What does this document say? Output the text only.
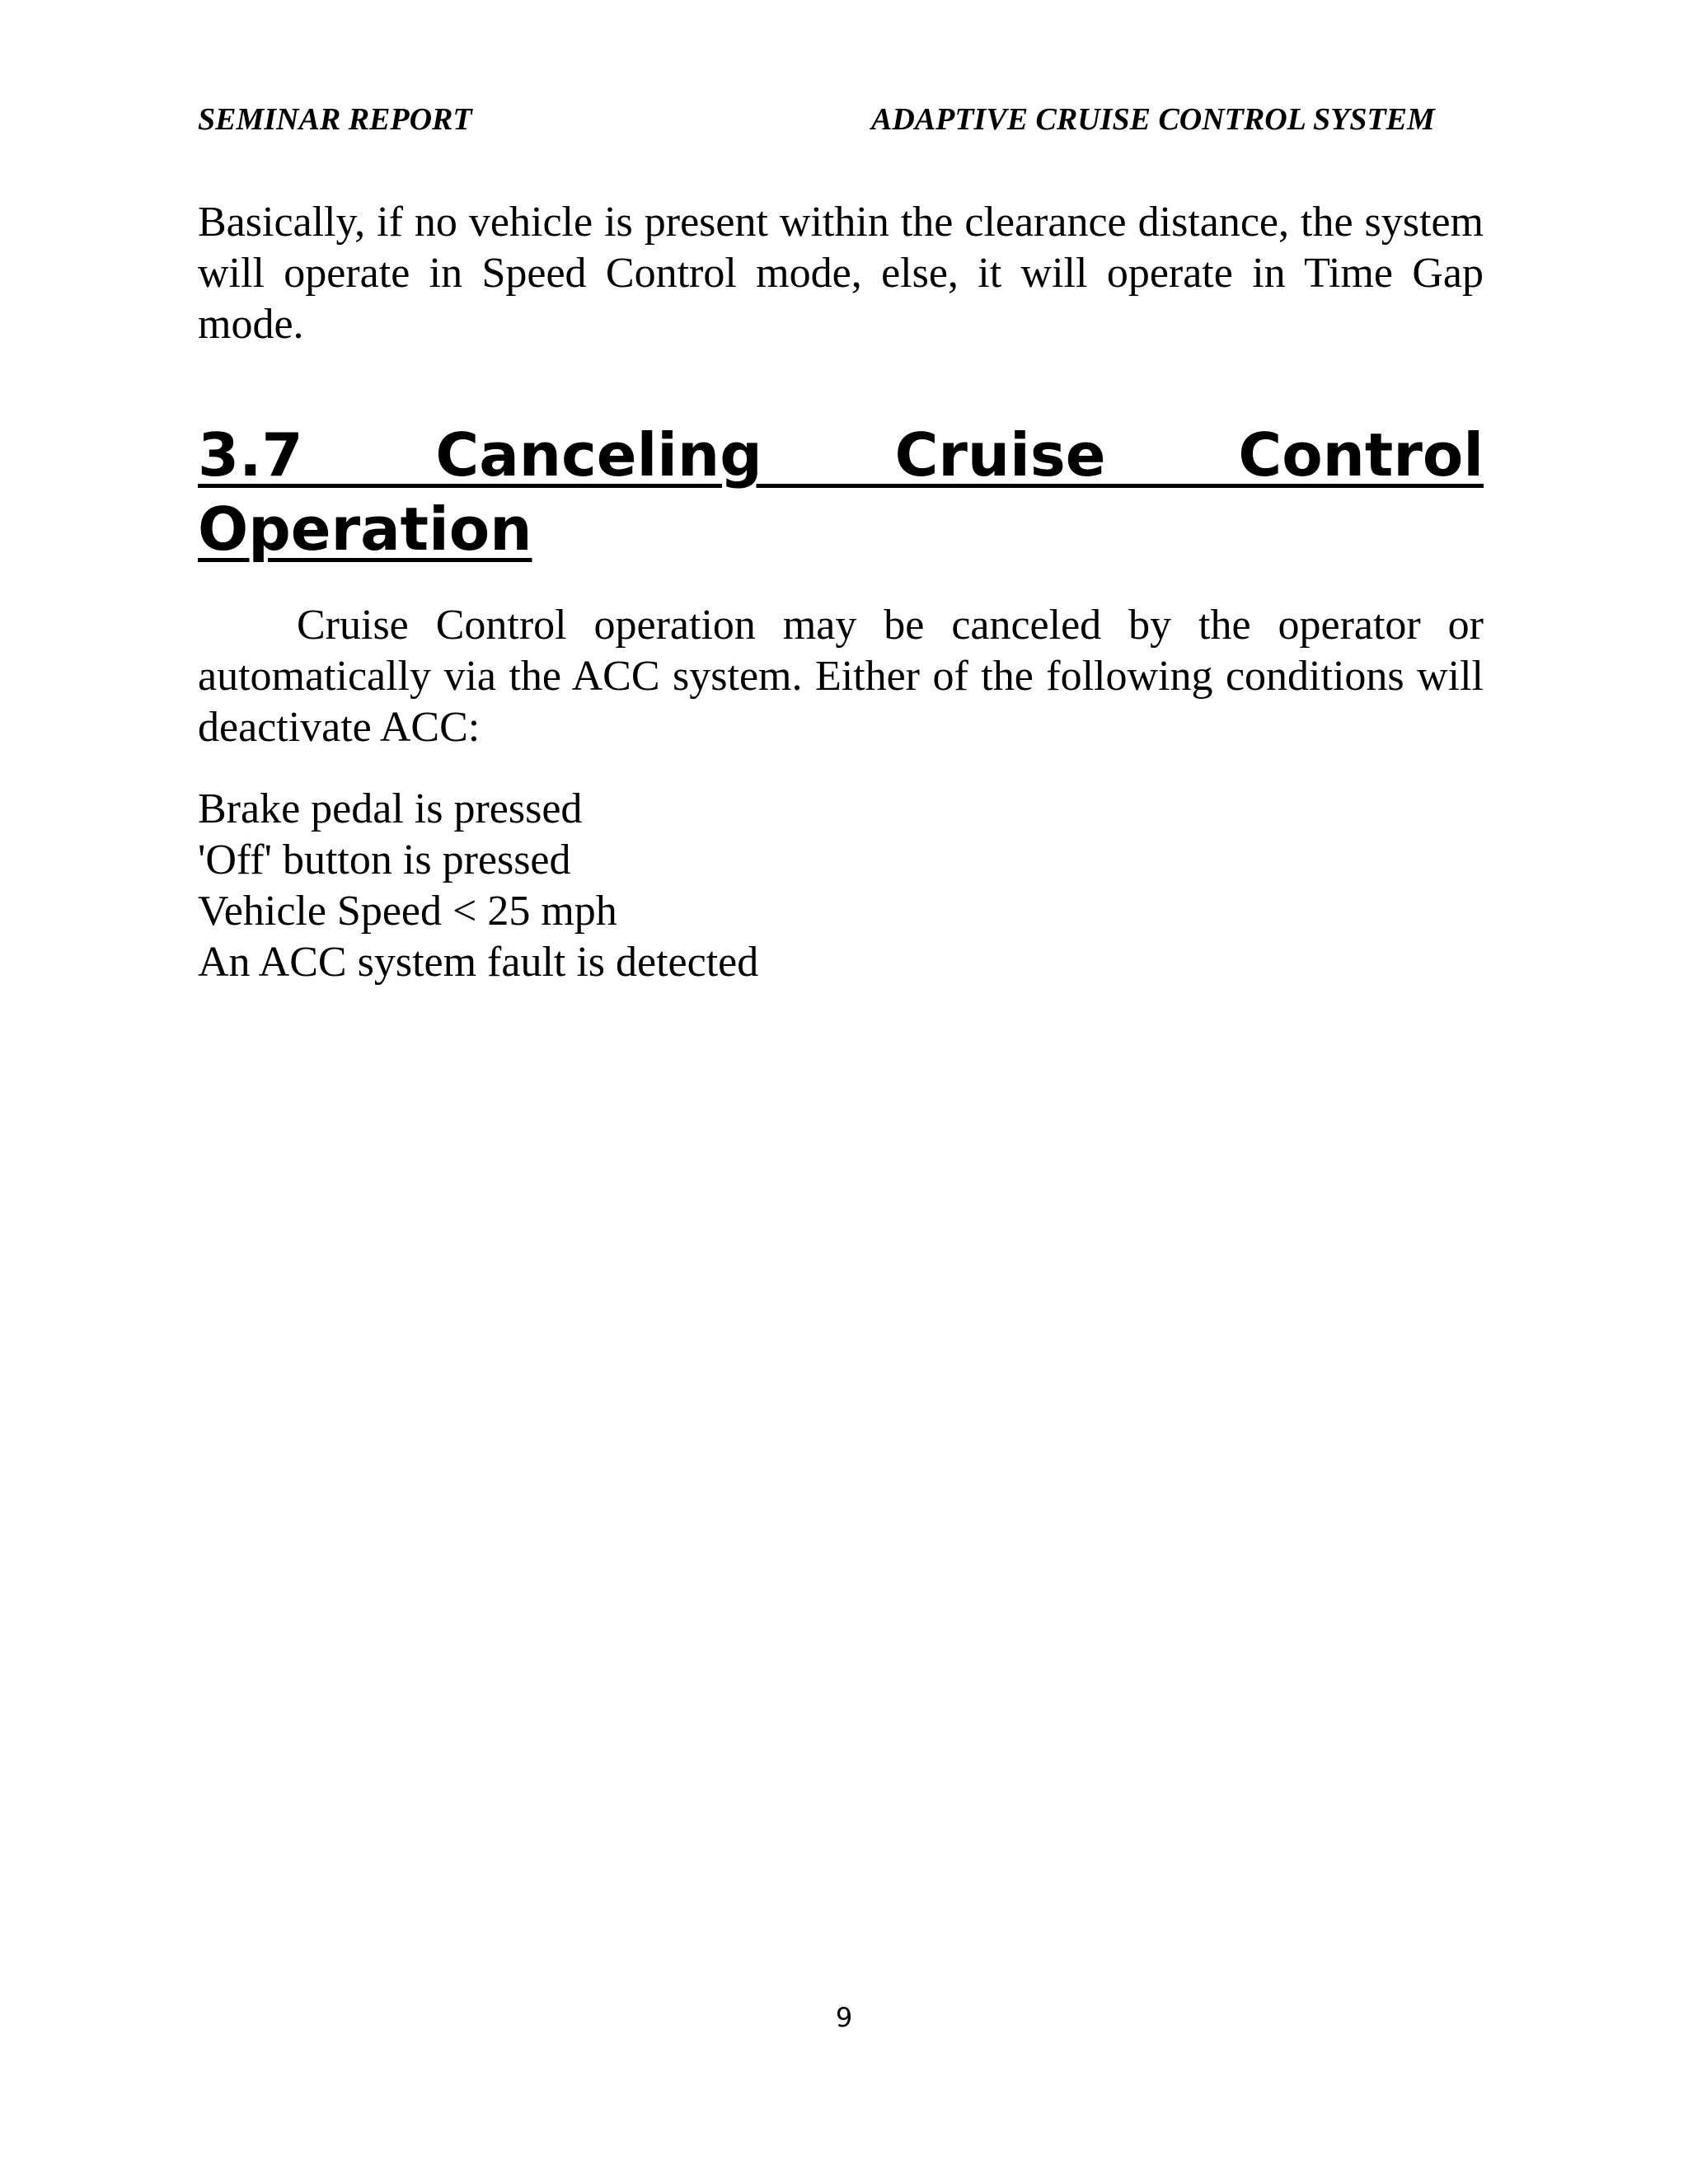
SEMINAR REPORT	ADAPTIVE CRUISE CONTROL SYSTEM

Basically, if no vehicle is present within the clearance distance, the system will operate in Speed Control mode, else, it will operate in Time Gap mode.

3.7 Canceling Cruise Control Operation

Cruise Control operation may be canceled by the operator or automatically via the ACC system. Either of the following conditions will deactivate ACC:

Brake pedal is pressed
'Off' button is pressed
Vehicle Speed < 25 mph
An ACC system fault is detected
9
